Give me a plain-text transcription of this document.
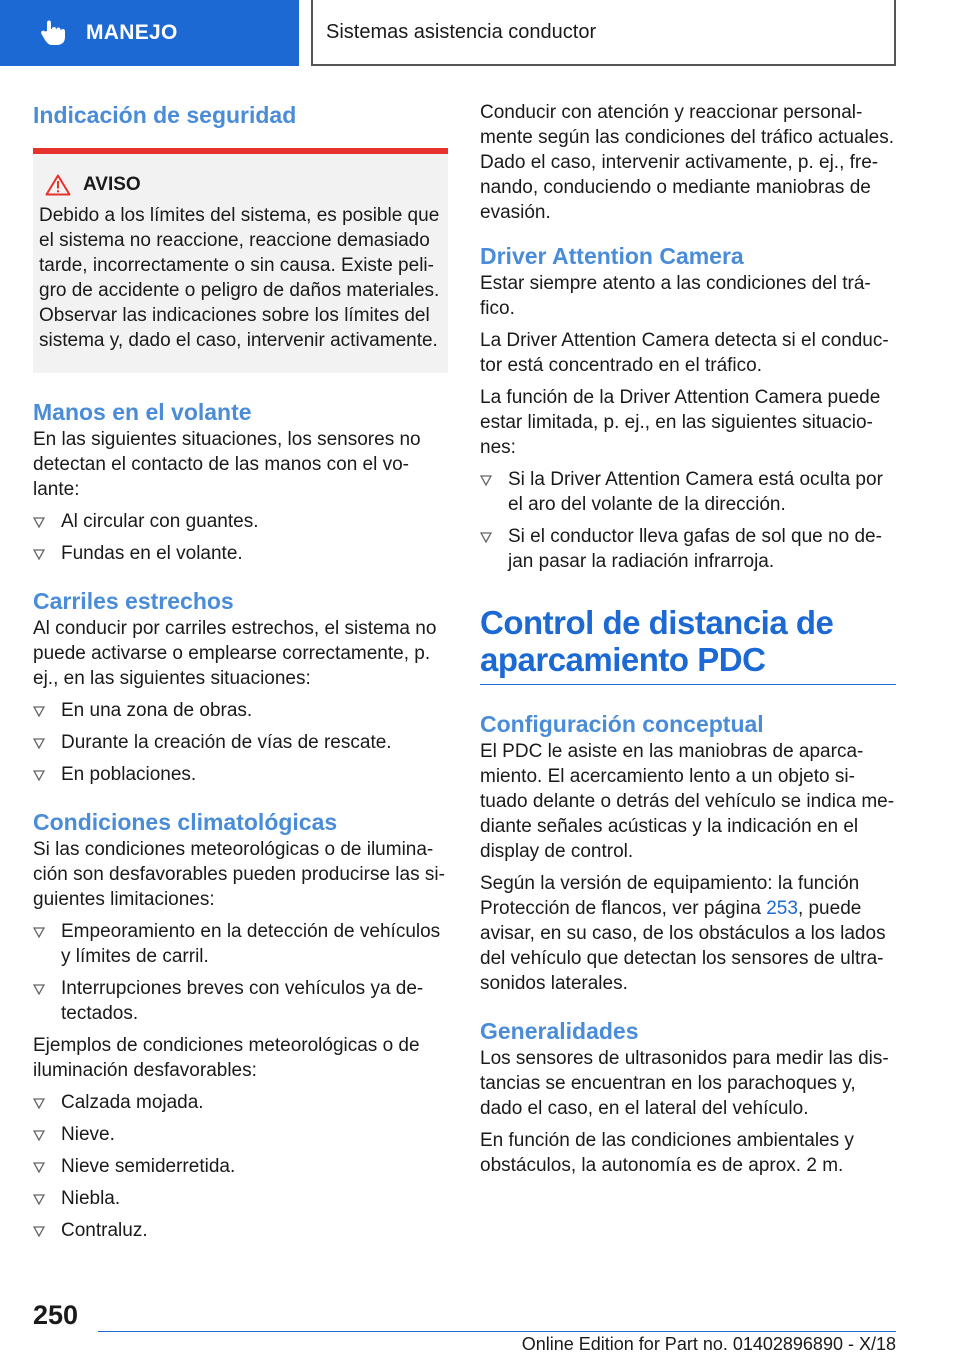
MANEJO	Sistemas asistencia conductor
Indicación de seguridad
AVISO

Debido a los límites del sistema, es posible que el sistema no reaccione, reaccione demasiado tarde, incorrectamente o sin causa. Existe peli-gro de accidente o peligro de daños materiales. Observar las indicaciones sobre los límites del sistema y, dado el caso, intervenir activamente.

Manos en el volante

En las siguientes situaciones, los sensores no detectan el contacto de las manos con el vo-lante:

Al circular con guantes.
Fundas en el volante.
Carriles estrechos

Al conducir por carriles estrechos, el sistema no puede activarse o emplearse correctamente, p. ej., en las siguientes situaciones:

En una zona de obras.
Durante la creación de vías de rescate.
En poblaciones.
Condiciones climatológicas

Si las condiciones meteorológicas o de ilumina-ción son desfavorables pueden producirse las si-guientes limitaciones:

Empeoramiento en la detección de vehículos y límites de carril.
Interrupciones breves con vehículos ya de-tectados.

Ejemplos de condiciones meteorológicas o de iluminación desfavorables:

Calzada mojada.
Nieve.
Nieve semiderretida.
Niebla.
Contraluz.

Conducir con atención y reaccionar personal-mente según las condiciones del tráfico actuales. Dado el caso, intervenir activamente, p. ej., fre-nando, conduciendo o mediante maniobras de evasión.

Driver Attention Camera

Estar siempre atento a las condiciones del trá-fico.

La Driver Attention Camera detecta si el conduc-tor está concentrado en el tráfico.

La función de la Driver Attention Camera puede estar limitada, p. ej., en las siguientes situacio-nes:

Si la Driver Attention Camera está oculta por el aro del volante de la dirección.
Si el conductor lleva gafas de sol que no de-jan pasar la radiación infrarroja.
Control de distancia de aparcamiento PDC
Configuración conceptual

El PDC le asiste en las maniobras de aparca-miento. El acercamiento lento a un objeto si-tuado delante o detrás del vehículo se indica me-diante señales acústicas y la indicación en el display de control.

Según la versión de equipamiento: la función Protección de flancos, ver página 253, puede avisar, en su caso, de los obstáculos a los lados del vehículo que detectan los sensores de ultra-sonidos laterales.

Generalidades

Los sensores de ultrasonidos para medir las dis-tancias se encuentran en los parachoques y, dado el caso, en el lateral del vehículo.

En función de las condiciones ambientales y obstáculos, la autonomía es de aprox. 2 m.

250
Online Edition for Part no. 01402896890 - X/18
